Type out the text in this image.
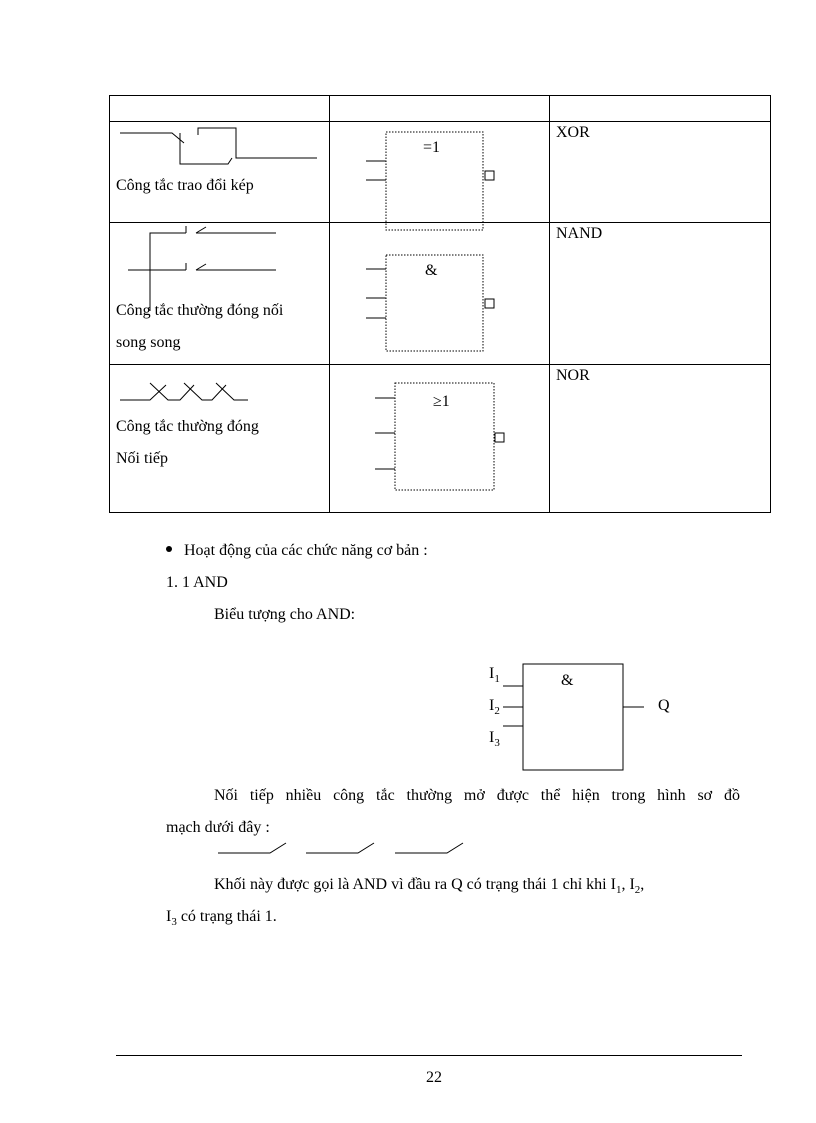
Công tắc trao đổi kép	=1	XOR

Công tắc thường đóng nối
song song	&	NAND

Công tắc thường đóng
Nối tiếp	≥1	NOR
Hoạt động của các chức năng cơ bản :
1. 1 AND
Biểu tượng cho AND:
&
$I_1$
$I_2$
$I_3$
Q
Nối tiếp nhiều công tắc thường mở được thể hiện trong hình sơ đồ
mạch dưới đây :
Khối này được gọi là AND vì đầu ra Q có trạng thái 1 chỉ khi $I_1$, $I_2$,
$I_3$ có trạng thái 1.
22
